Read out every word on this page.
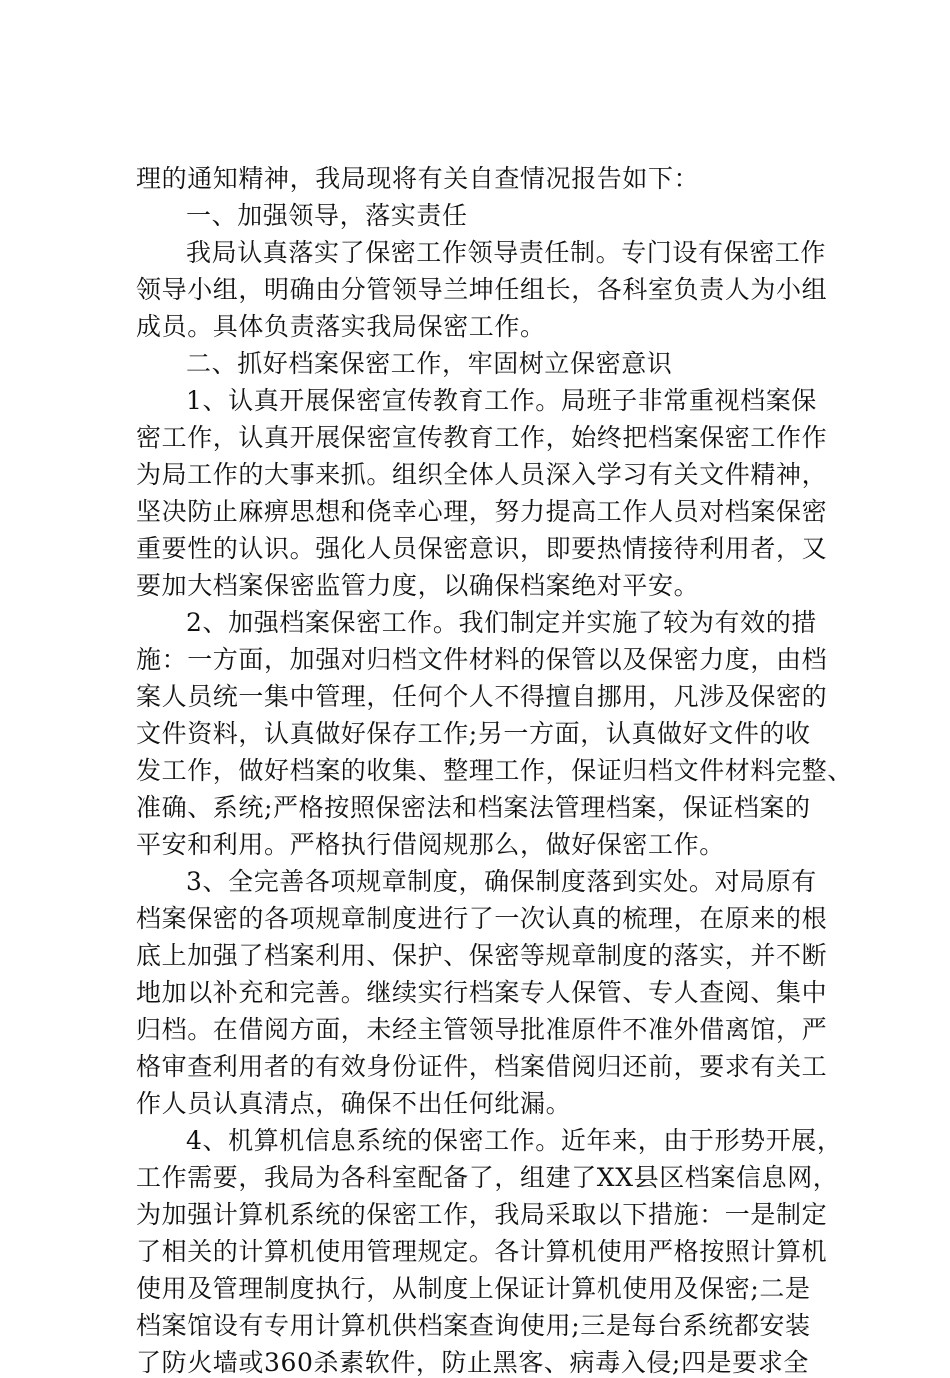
理的通知精神，我局现将有关自查情况报告如下：
一、加强领导，落实责任
我局认真落实了保密工作领导责任制。专门设有保密工作
领导小组，明确由分管领导兰坤任组长，各科室负责人为小组
成员。具体负责落实我局保密工作。
二、抓好档案保密工作，牢固树立保密意识
1、认真开展保密宣传教育工作。局班子非常重视档案保
密工作，认真开展保密宣传教育工作，始终把档案保密工作作
为局工作的大事来抓。组织全体人员深入学习有关文件精神，
坚决防止麻痹思想和侥幸心理，努力提高工作人员对档案保密
重要性的认识。强化人员保密意识，即要热情接待利用者，又
要加大档案保密监管力度，以确保档案绝对平安。
2、加强档案保密工作。我们制定并实施了较为有效的措
施：一方面，加强对归档文件材料的保管以及保密力度，由档
案人员统一集中管理，任何个人不得擅自挪用，凡涉及保密的
文件资料，认真做好保存工作;另一方面，认真做好文件的收
发工作，做好档案的收集、整理工作，保证归档文件材料完整、
准确、系统;严格按照保密法和档案法管理档案，保证档案的
平安和利用。严格执行借阅规那么，做好保密工作。
3、全完善各项规章制度，确保制度落到实处。对局原有
档案保密的各项规章制度进行了一次认真的梳理，在原来的根
底上加强了档案利用、保护、保密等规章制度的落实，并不断
地加以补充和完善。继续实行档案专人保管、专人查阅、集中
归档。在借阅方面，未经主管领导批准原件不准外借离馆，严
格审查利用者的有效身份证件，档案借阅归还前，要求有关工
作人员认真清点，确保不出任何纰漏。
4、机算机信息系统的保密工作。近年来，由于形势开展，
工作需要，我局为各科室配备了，组建了XX县区档案信息网，
为加强计算机系统的保密工作，我局采取以下措施：一是制定
了相关的计算机使用管理规定。各计算机使用严格按照计算机
使用及管理制度执行，从制度上保证计算机使用及保密;二是
档案馆设有专用计算机供档案查询使用;三是每台系统都安装
了防火墙或360杀素软件，防止黑客、病毒入侵;四是要求全
